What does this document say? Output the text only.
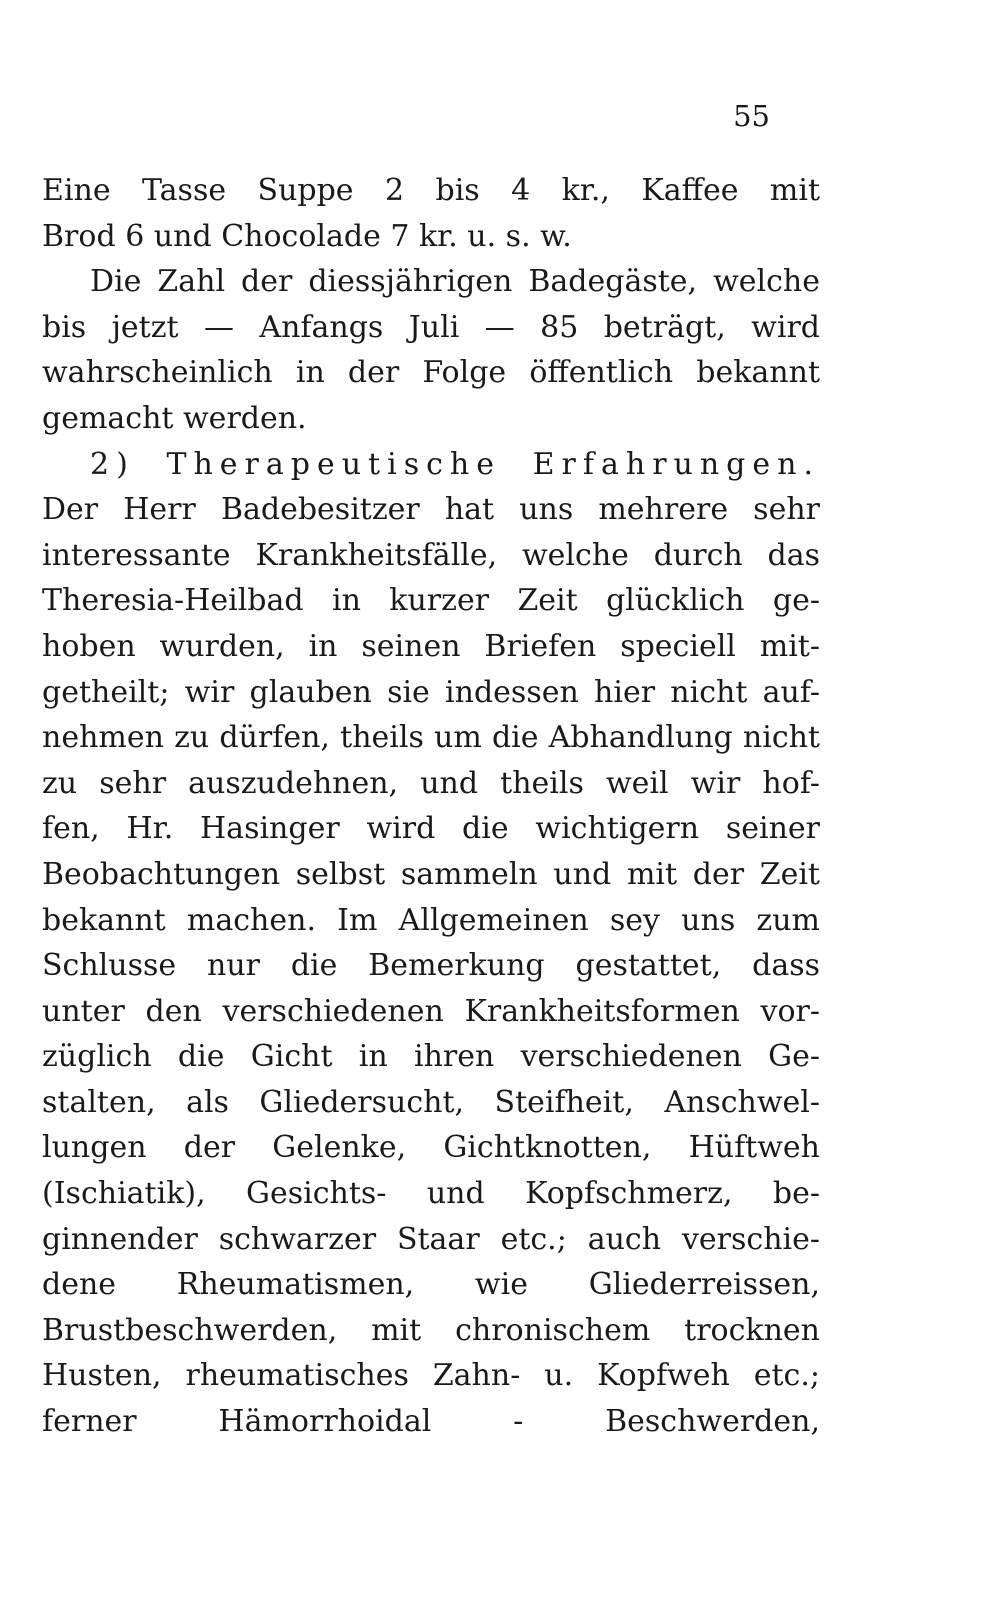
55
Eine Tasse Suppe 2 bis 4 kr., Kaffee mit
Brod 6 und Chocolade 7 kr. u. s. w.
Die Zahl der diessjährigen Badegäste, welche
bis jetzt — Anfangs Juli — 85 beträgt, wird
wahrscheinlich in der Folge öffentlich bekannt
gemacht werden.
2) Therapeutische Erfahrungen.
Der Herr Badebesitzer hat uns mehrere sehr
interessante Krankheitsfälle, welche durch das
Theresia-Heilbad in kurzer Zeit glücklich ge-
hoben wurden, in seinen Briefen speciell mit-
getheilt; wir glauben sie indessen hier nicht auf-
nehmen zu dürfen, theils um die Abhandlung nicht
zu sehr auszudehnen, und theils weil wir hof-
fen, Hr. Hasinger wird die wichtigern seiner
Beobachtungen selbst sammeln und mit der Zeit
bekannt machen. Im Allgemeinen sey uns zum
Schlusse nur die Bemerkung gestattet, dass
unter den verschiedenen Krankheitsformen vor-
züglich die Gicht in ihren verschiedenen Ge-
stalten, als Gliedersucht, Steifheit, Anschwel-
lungen der Gelenke, Gichtknotten, Hüftweh
(Ischiatik), Gesichts- und Kopfschmerz, be-
ginnender schwarzer Staar etc.; auch verschie-
dene Rheumatismen, wie Gliederreissen,
Brustbeschwerden, mit chronischem trocknen
Husten, rheumatisches Zahn- u. Kopfweh etc.;
ferner Hämorrhoidal - Beschwerden,
